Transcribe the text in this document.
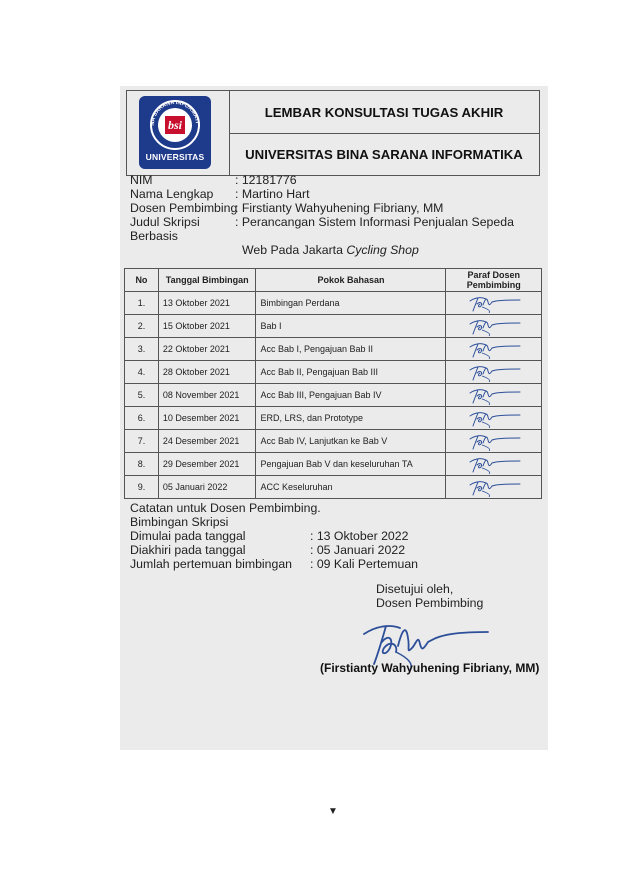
NA SARANA INFORMATI
bsi
UNIVERSITAS
LEMBAR KONSULTASI TUGAS AKHIR
UNIVERSITAS BINA SARANA INFORMATIKA
NIM	: 12181776
Nama Lengkap : Martino Hart
Dosen Pembimbing
: Firstianty Wahyuhening Fibriany, MM
Judul Skripsi	: Perancangan Sistem Informasi Penjualan Sepeda
Berbasis
Web Pada Jakarta Cycling Shop
No	Tanggal Bimbingan	Pokok Bahasan	Paraf Dosen Pembimbing
1.	13 Oktober 2021	Bimbingan Perdana	

2.	15 Oktober 2021	Bab I	

3.	22 Oktober 2021	Acc Bab I, Pengajuan Bab II	

4.	28 Oktober 2021	Acc Bab II, Pengajuan Bab III	

5.	08 November 2021	Acc Bab III, Pengajuan Bab IV	

6.	10 Desember 2021	ERD, LRS, dan Prototype	

7.	24 Desember 2021	Acc Bab IV, Lanjutkan ke Bab V	

8.	29 Desember 2021	Pengajuan Bab V dan keseluruhan TA	

9.	05 Januari 2022	ACC Keseluruhan	
Catatan untuk Dosen Pembimbing.
Bimbingan Skripsi
Dimulai pada tanggal	: 13 Oktober 2022
Diakhiri pada tanggal	: 05 Januari 2022
Jumlah pertemuan bimbingan : 09 Kali Pertemuan
Disetujui oleh,
Dosen Pembimbing
(Firstianty Wahyuhening Fibriany, MM)
▼
